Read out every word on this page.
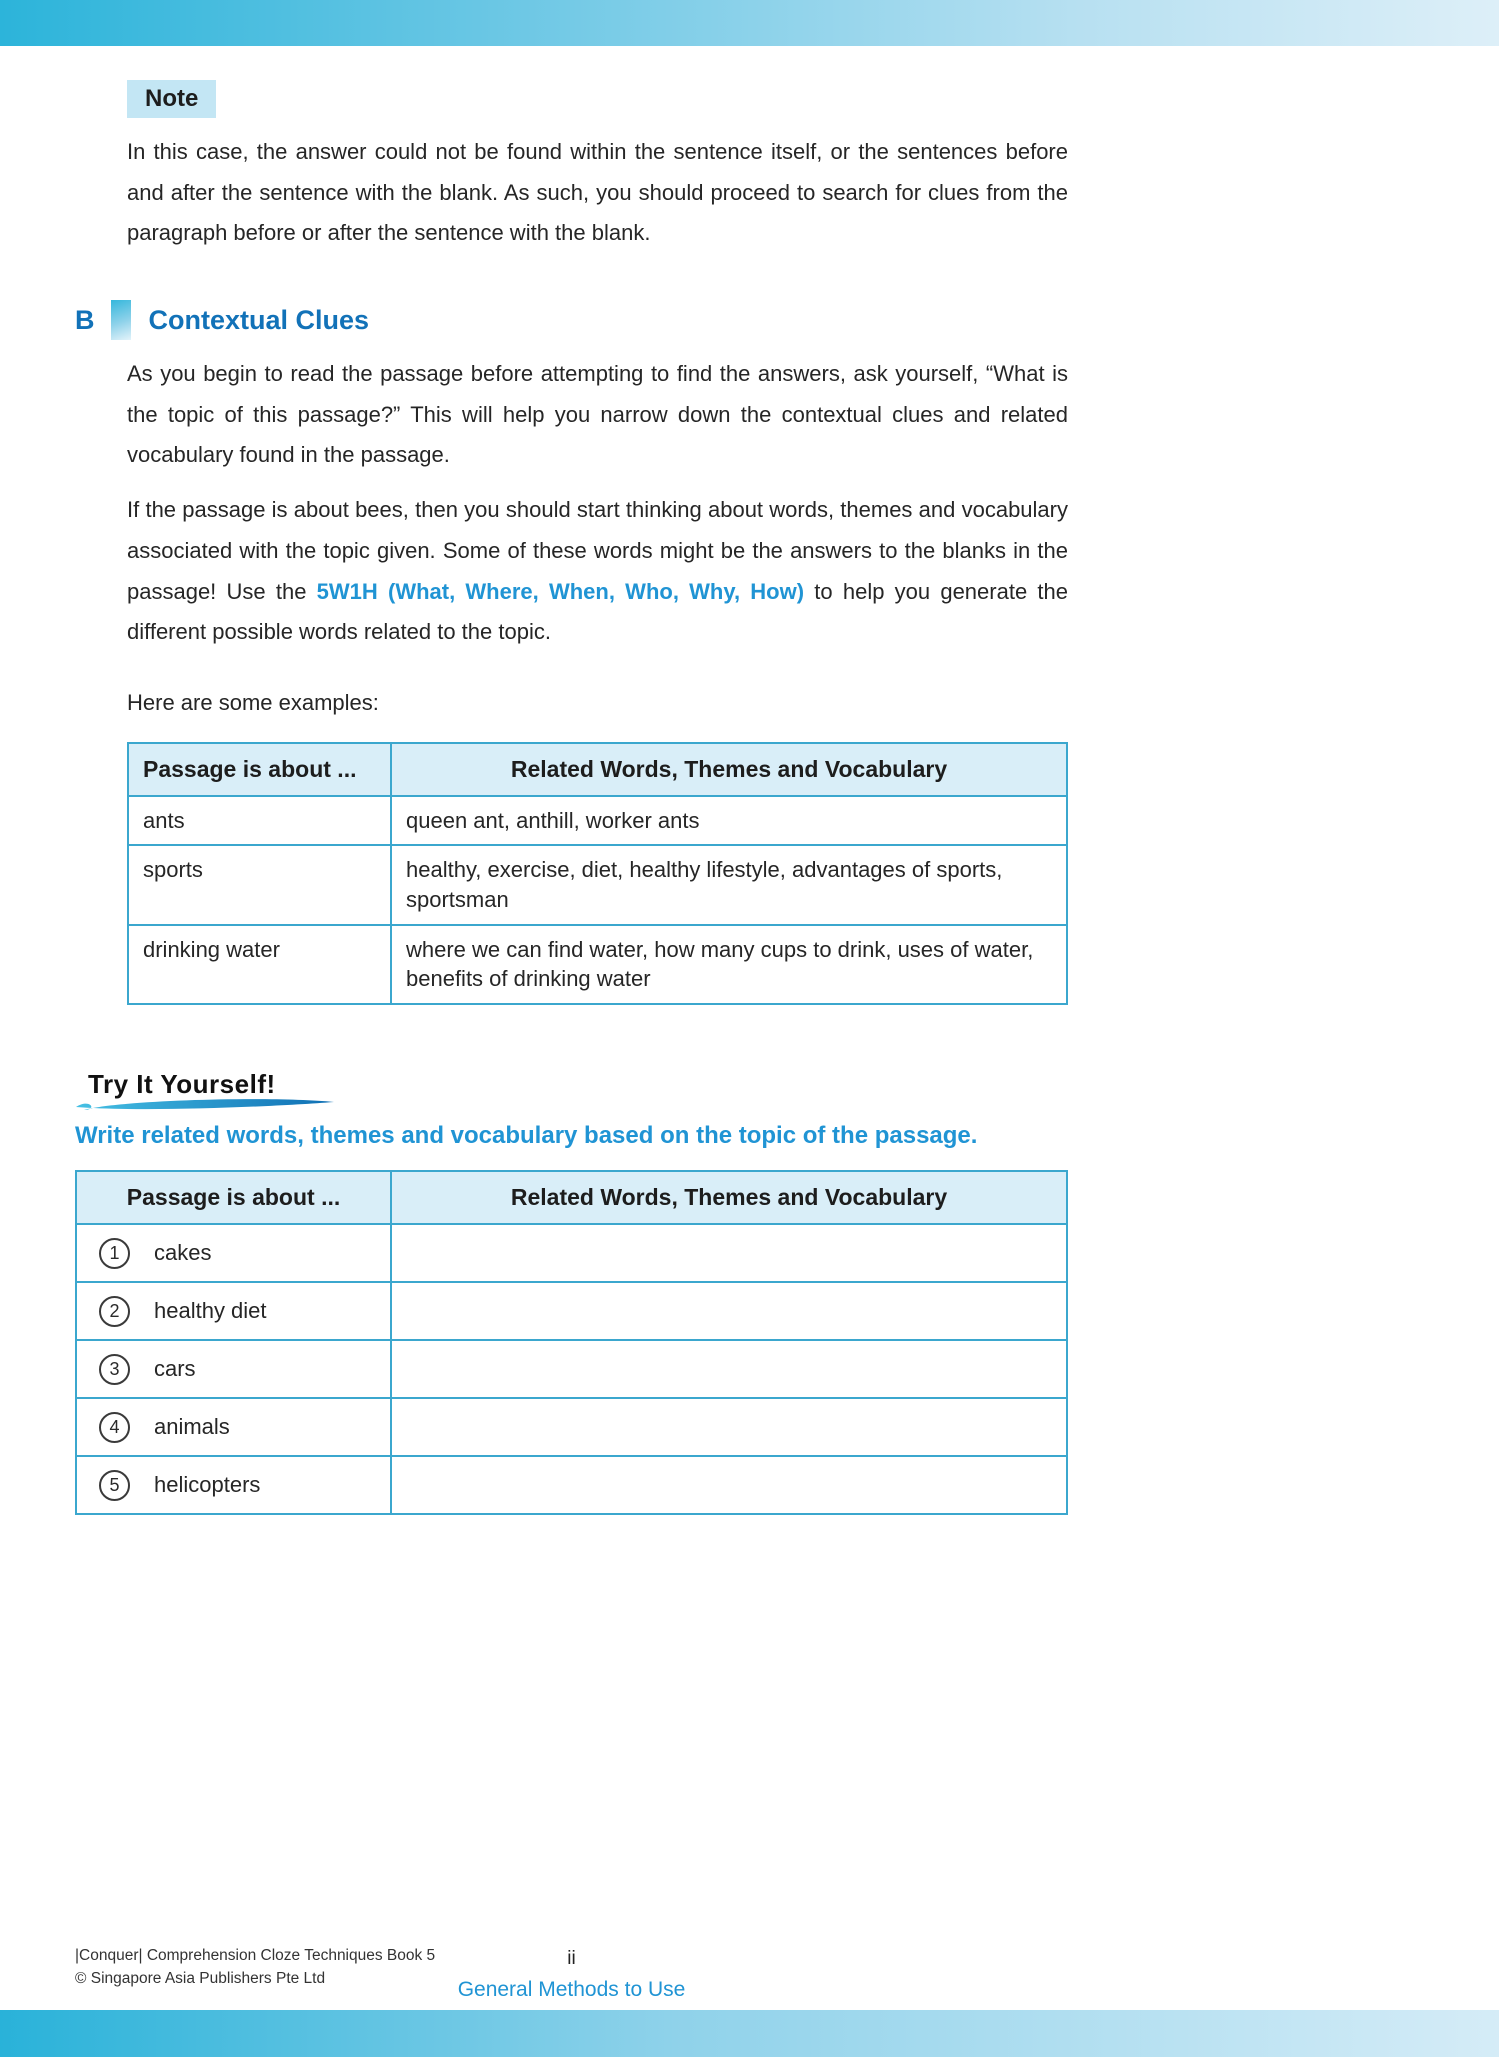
Note

In this case, the answer could not be found within the sentence itself, or the sentences before and after the sentence with the blank. As such, you should proceed to search for clues from the paragraph before or after the sentence with the blank.

B Contextual Clues

As you begin to read the passage before attempting to find the answers, ask yourself, “What is the topic of this passage?” This will help you narrow down the contextual clues and related vocabulary found in the passage.

If the passage is about bees, then you should start thinking about words, themes and vocabulary associated with the topic given. Some of these words might be the answers to the blanks in the passage! Use the 5W1H (What, Where, When, Who, Why, How) to help you generate the different possible words related to the topic.

Here are some examples:

Passage is about ...	Related Words, Themes and Vocabulary
ants	queen ant, anthill, worker ants
sports	healthy, exercise, diet, healthy lifestyle, advantages of sports, sportsman
drinking water	where we can find water, how many cups to drink, uses of water, benefits of drinking water
Try It Yourself!

Write related words, themes and vocabulary based on the topic of the passage.

Passage is about ...	Related Words, Themes and Vocabulary

1 cakes	

2 healthy diet	

3 cars	

4 animals	

5 helicopters	

|Conquer| Comprehension Cloze Techniques Book 5
© Singapore Asia Publishers Pte Ltd
ii
General Methods to Use
